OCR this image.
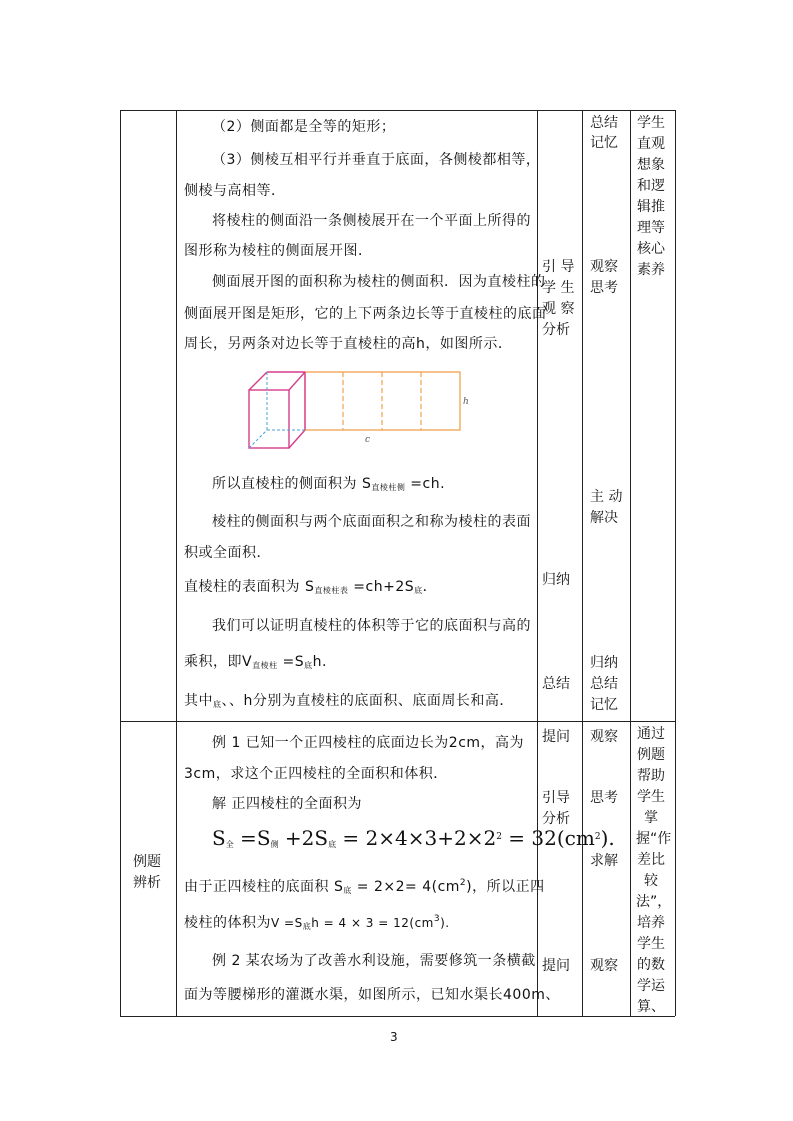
（2）侧面都是全等的矩形；
（3）侧棱互相平行并垂直于底面，各侧棱都相等，
侧棱与高相等．
将棱柱的侧面沿一条侧棱展开在一个平面上所得的
图形称为棱柱的侧面展开图．
侧面展开图的面积称为棱柱的侧面积．因为直棱柱的
侧面展开图是矩形，它的上下两条边长等于直棱柱的底面
周长，另两条对边长等于直棱柱的高h，如图所示．
h
c
所以直棱柱的侧面积为 $S_{直棱柱侧} =ch$.
棱柱的侧面积与两个底面面积之和称为棱柱的表面
积或全面积．
直棱柱的表面积为 $S_{直棱柱表} =ch+2S_底$．
我们可以证明直棱柱的体积等于它的底面积与高的
乘积，即$V_{直棱柱} =S_底h$.
其中$_底$、、h分别为直棱柱的底面积、底面周长和高．
引 导
学 生
观 察
分析
归纳
总结
总结
记忆
观察
思考
主 动
解决
归纳
总结
记忆
学生直观想象和逻辑推理等核心素养
例题
辨析
例 1 已知一个正四棱柱的底面边长为2cm，高为
3cm，求这个正四棱柱的全面积和体积．
解 正四棱柱的全面积为
$S_全 =S_侧 +2S_底 = 2\times 4\times 3+2\times 2^2 = 32(cm^2)$.
由于正四棱柱的底面积 $S_底 = 2\times 2= 4(cm^2)$，所以正四
棱柱的体积为$V =S_底h = 4 \times 3 = 12(cm^3)$.
例 2 某农场为了改善水利设施，需要修筑一条横截
面为等腰梯形的灌溉水渠，如图所示，已知水渠长400m、
提问
引导
分析
提问
观察
思考
求解
观察
通过例题帮助学生掌握“作差比较法”，培养学生的数学运算、
3
